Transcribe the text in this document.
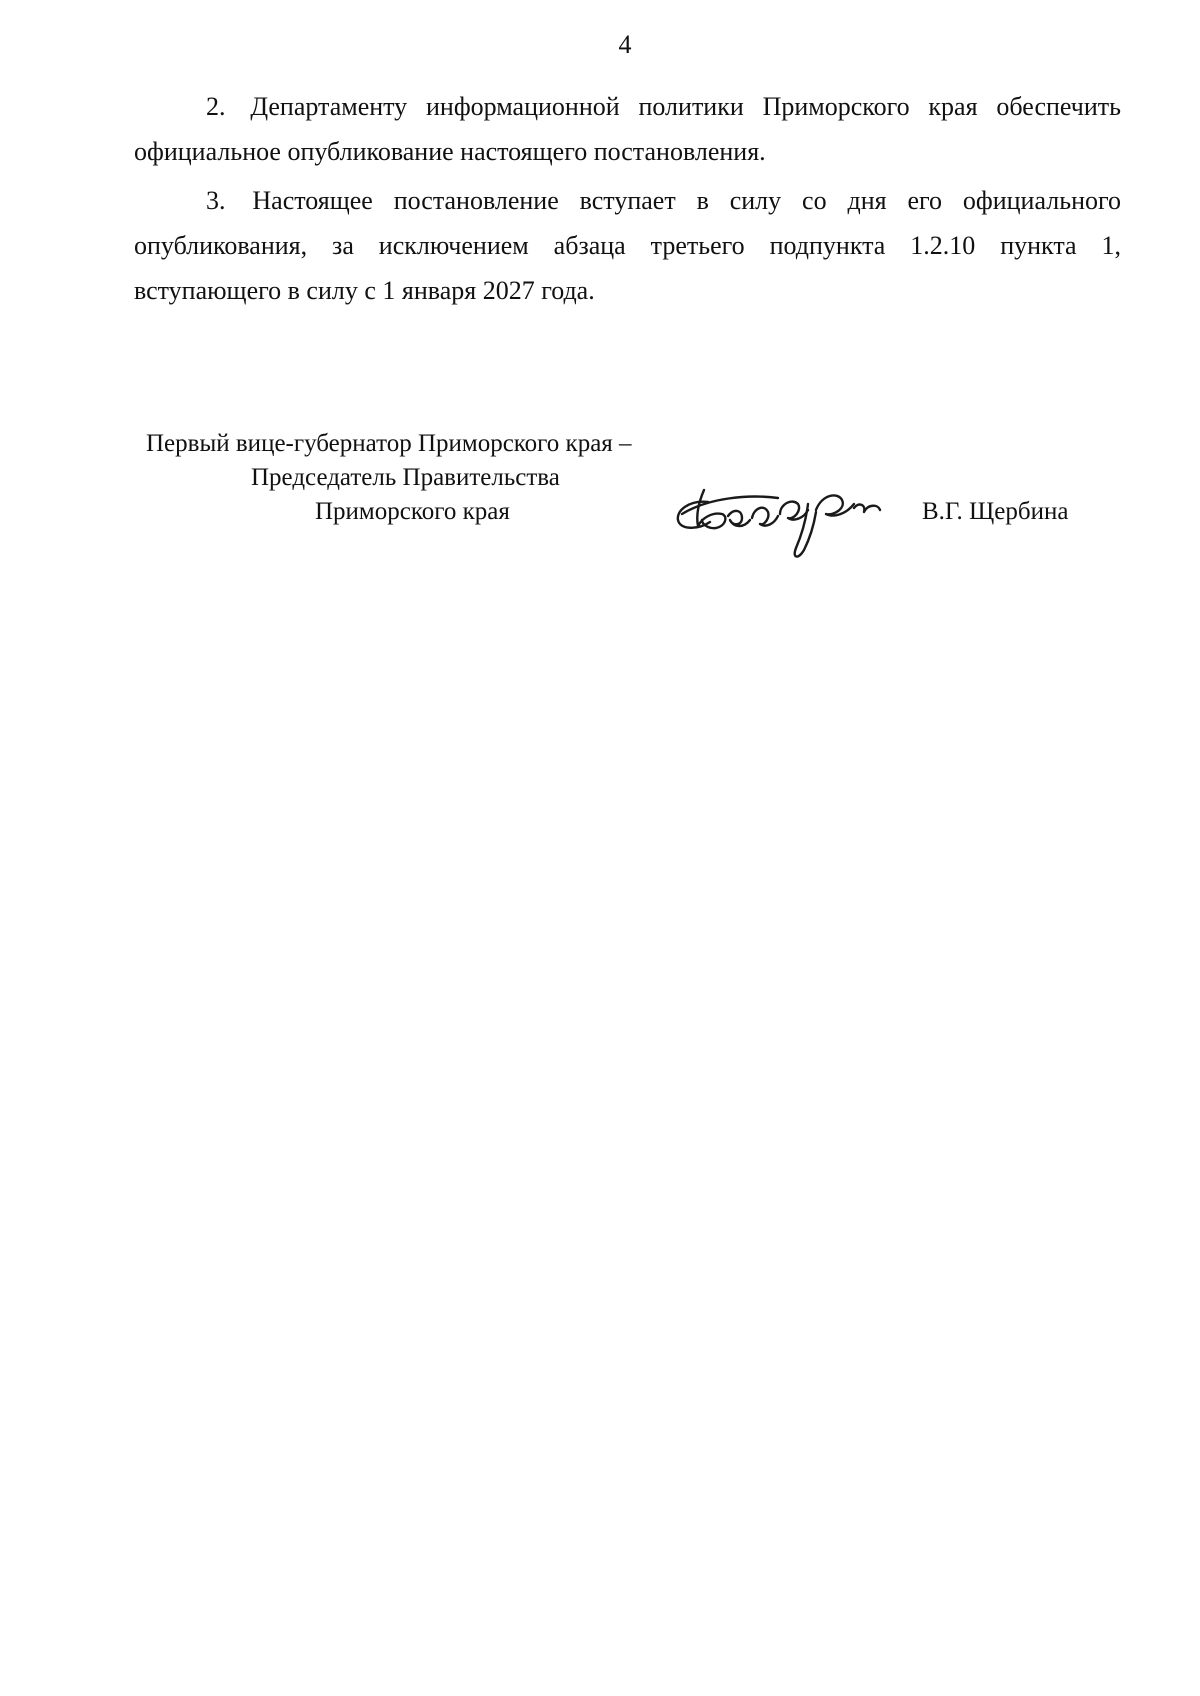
4

2. Департаменту информационной политики Приморского края обеспечить официальное опубликование настоящего постановления.

3. Настоящее постановление вступает в силу со дня его официального опубликования, за исключением абзаца третьего подпункта 1.2.10 пункта 1, вступающего в силу с 1 января 2027 года.

Первый вице-губернатор Приморского края –
Председатель Правительства
Приморского края	В.Г. Щербина
